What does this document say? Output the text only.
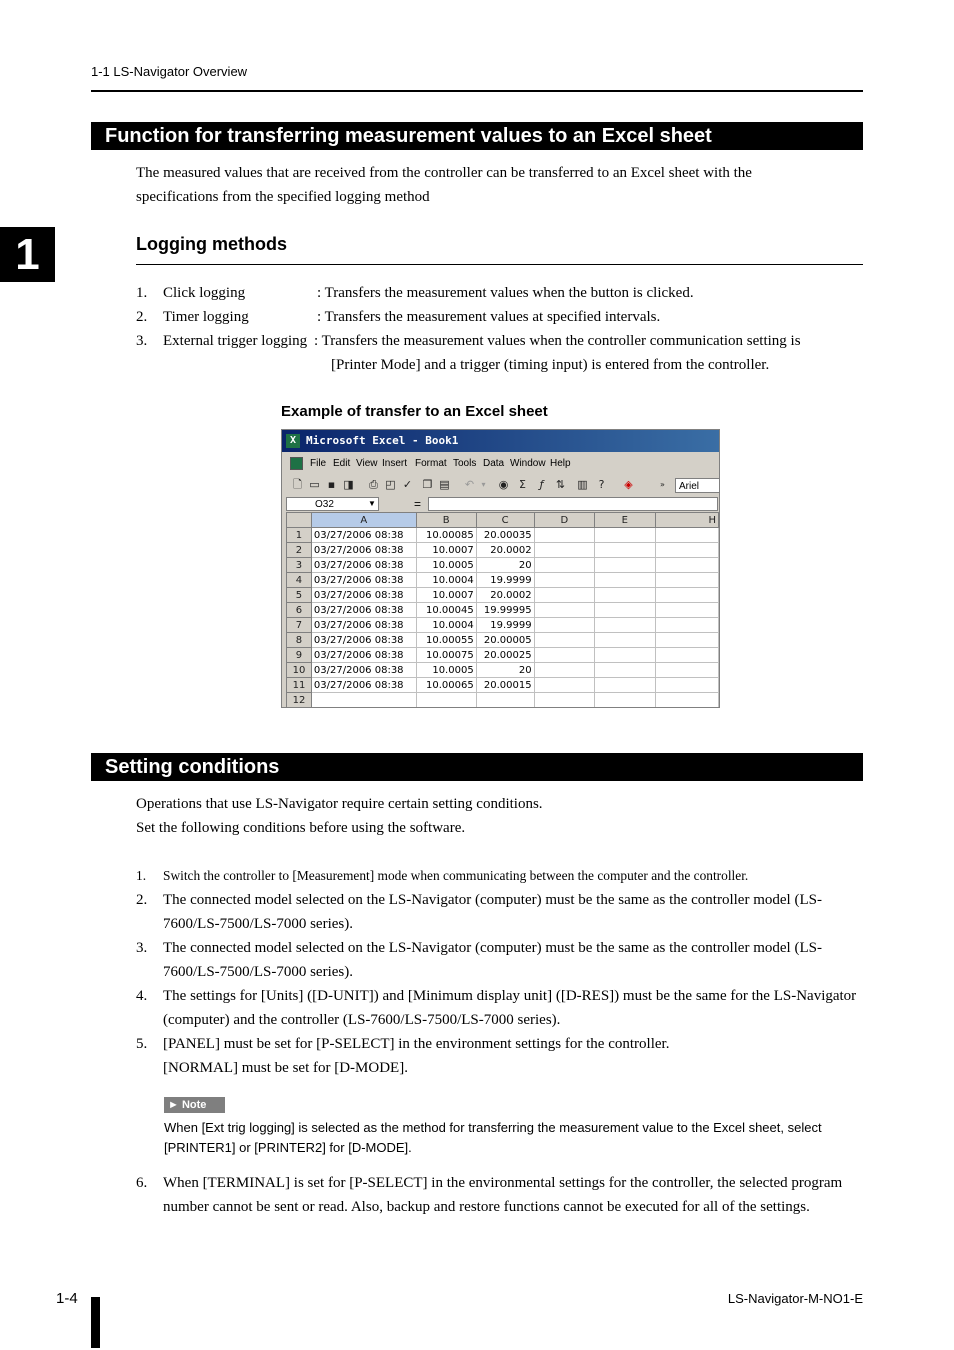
1-1 LS-Navigator Overview
1
Function for transferring measurement values to an Excel sheet
The measured values that are received from the controller can be transferred to an Excel sheet with the
specifications from the specified logging method
Logging methods
1. Click logging	: Transfers the measurement values when the button is clicked.
2. Timer logging	: Transfers the measurement values at specified intervals.
3. External trigger logging : Transfers the measurement values when the controller communication setting is
[Printer Mode] and a trigger (timing input) is entered from the controller.
Example of transfer to an Excel sheet
X Microsoft Excel - Book1
File Edit View Insert Format Tools Data Window Help
🗋 ▭ ▪ ◨ ⎙ ◰ ✓ ❐ ▤ ↶ ▾	◉ Σ	ƒ	⇅ ▥ ?	◈	»	Ariel
O32	▼	=
	A	B	C	D	E	H
1	03/27/2006 08:38	10.00085	20.00035			
2	03/27/2006 08:38	10.0007	20.0002			
3	03/27/2006 08:38	10.0005	20			
4	03/27/2006 08:38	10.0004	19.9999			
5	03/27/2006 08:38	10.0007	20.0002			
6	03/27/2006 08:38	10.00045	19.99995			
7	03/27/2006 08:38	10.0004	19.9999			
8	03/27/2006 08:38	10.00055	20.00005			
9	03/27/2006 08:38	10.00075	20.00025			
10	03/27/2006 08:38	10.0005	20			
11	03/27/2006 08:38	10.00065	20.00015			
12						
Setting conditions
Operations that use LS-Navigator require certain setting conditions.
Set the following conditions before using the software.
1. Switch the controller to [Measurement] mode when communicating between the computer and the controller.
2. The connected model selected on the LS-Navigator (computer) must be the same as the controller model (LS-7600/LS-7500/LS-7000 series).
3. The connected model selected on the LS-Navigator (computer) must be the same as the controller model (LS-7600/LS-7500/LS-7000 series).
4. The settings for [Units] ([D-UNIT]) and [Minimum display unit] ([D-RES]) must be the same for the LS-Navigator (computer) and the controller (LS-7600/LS-7500/LS-7000 series).
5. [PANEL] must be set for [P-SELECT] in the environment settings for the controller.
[NORMAL] must be set for [D-MODE].
► Note
When [Ext trig logging] is selected as the method for transferring the measurement value to the Excel sheet, select [PRINTER1] or [PRINTER2] for [D-MODE].
6. When [TERMINAL] is set for [P-SELECT] in the environmental settings for the controller, the selected program number cannot be sent or read. Also, backup and restore functions cannot be executed for all of the settings.
1-4	LS-Navigator-M-NO1-E
